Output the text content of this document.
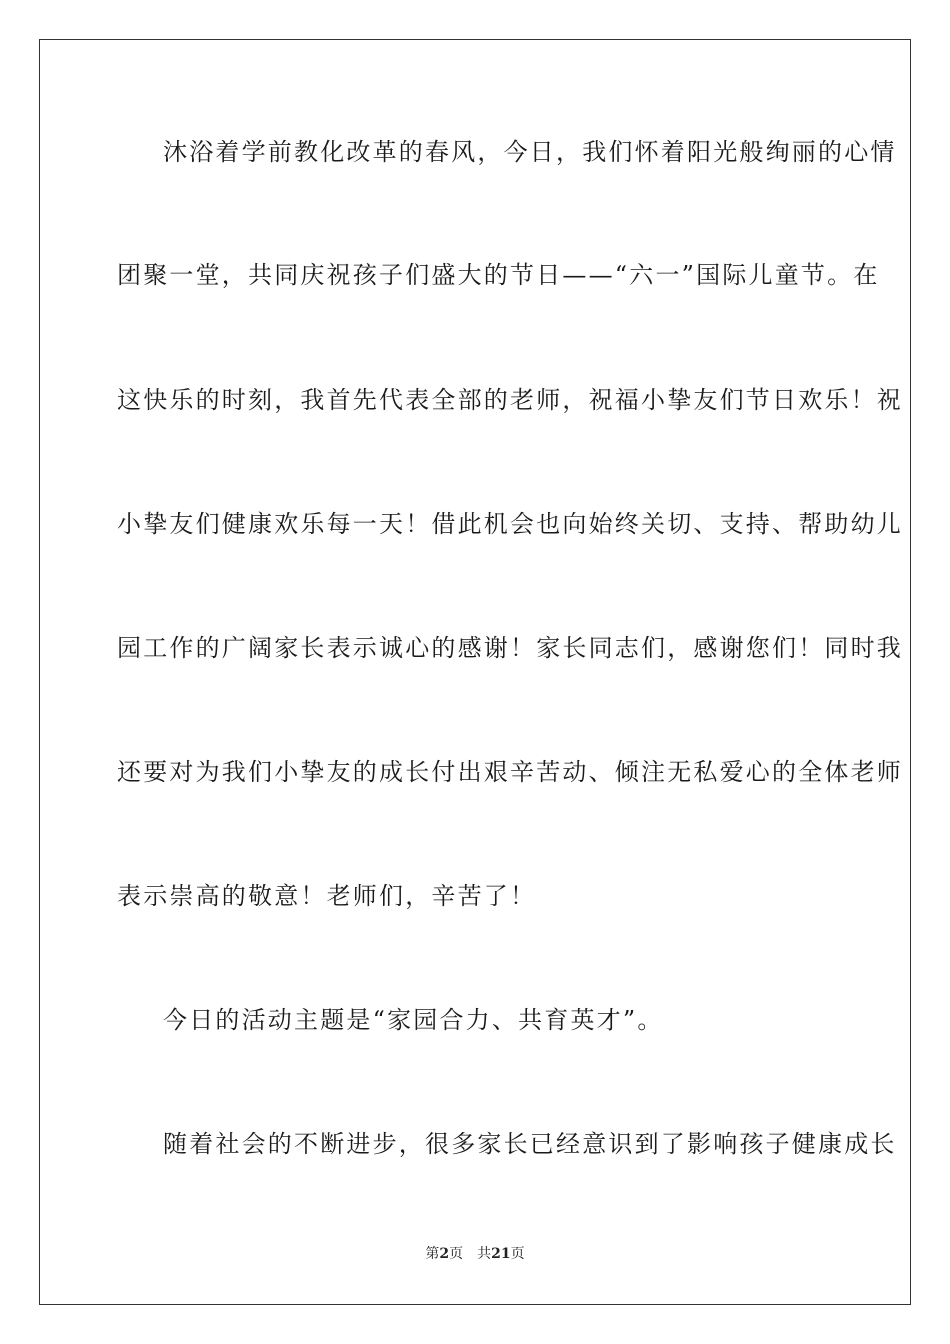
沐浴着学前教化改革的春风，今日，我们怀着阳光般绚丽的心情
团聚一堂，共同庆祝孩子们盛大的节日——“六一”国际儿童节。在
这快乐的时刻，我首先代表全部的老师，祝福小挚友们节日欢乐！祝
小挚友们健康欢乐每一天！借此机会也向始终关切、支持、帮助幼儿
园工作的广阔家长表示诚心的感谢！家长同志们，感谢您们！同时我
还要对为我们小挚友的成长付出艰辛苦动、倾注无私爱心的全体老师
表示崇高的敬意！老师们，辛苦了！
今日的活动主题是“家园合力、共育英才”。
随着社会的不断进步，很多家长已经意识到了影响孩子健康成长
第2页 共21页
